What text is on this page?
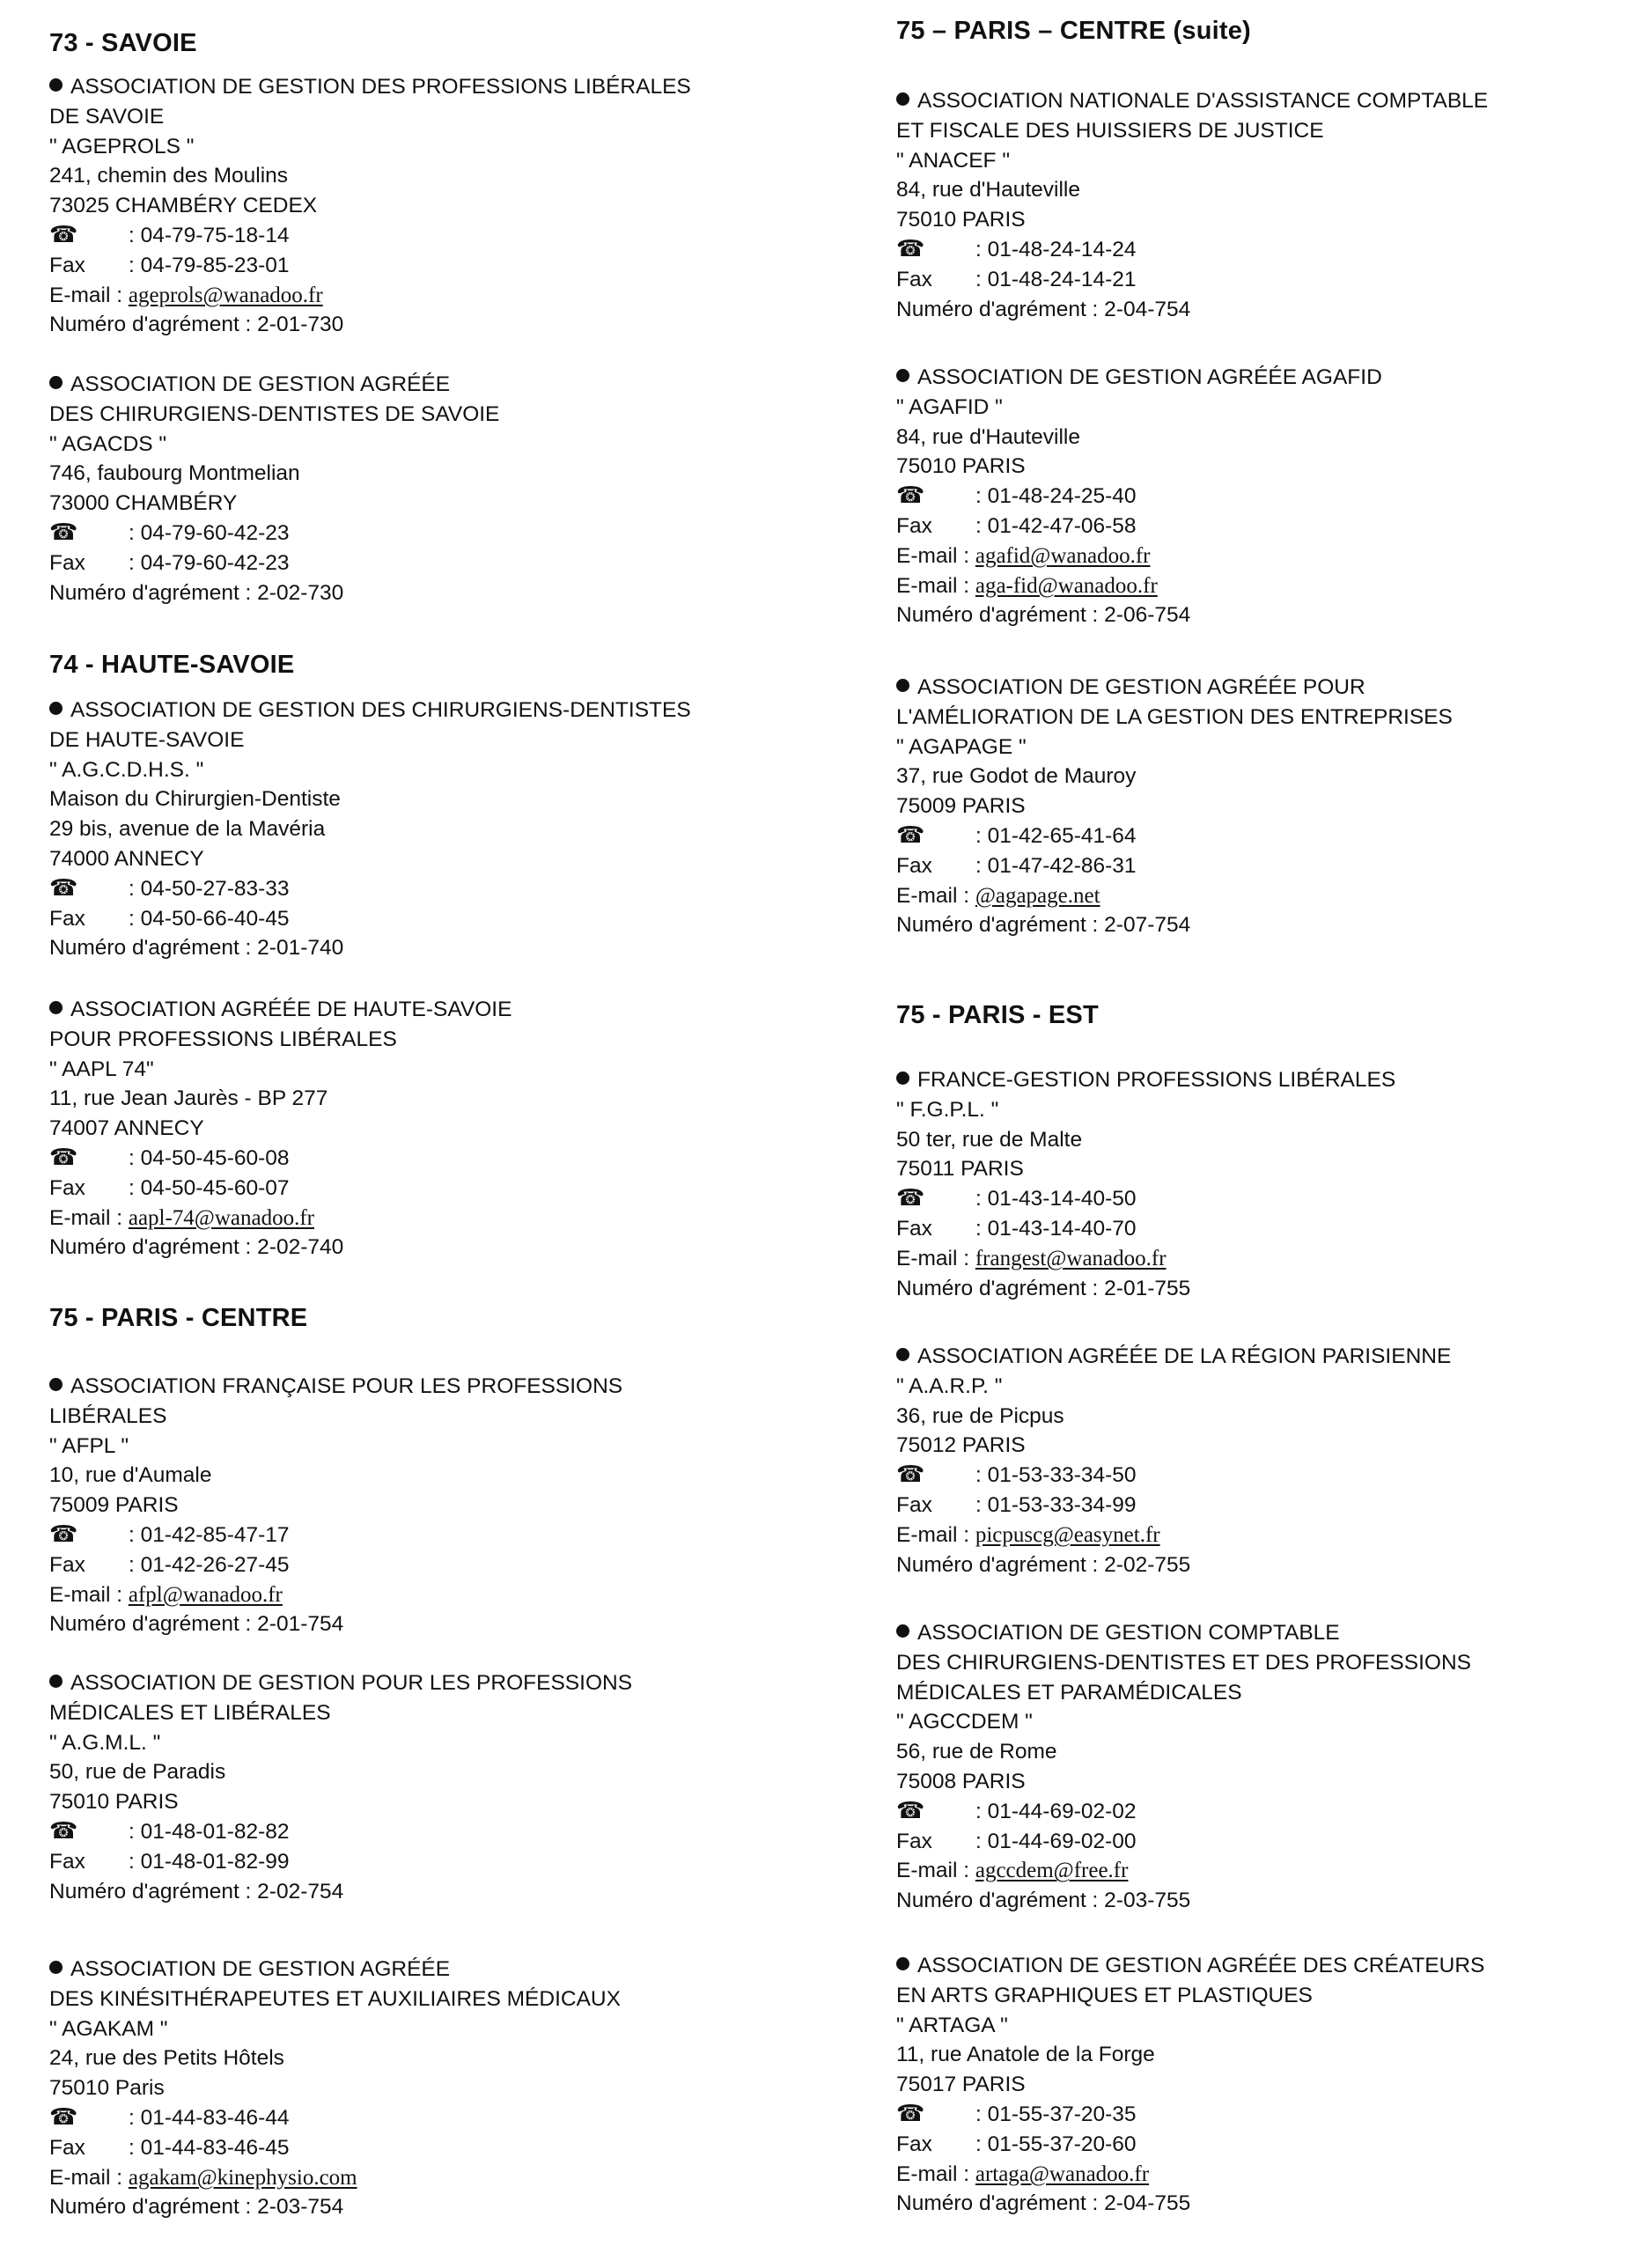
73 - SAVOIE
ASSOCIATION DE GESTION DES PROFESSIONS LIBÉRALES
DE SAVOIE
" AGEPROLS "
241, chemin des Moulins
73025 CHAMBÉRY CEDEX
☎ : 04-79-75-18-14
Fax : 04-79-85-23-01
E-mail : ageprols@wanadoo.fr
Numéro d'agrément : 2-01-730
ASSOCIATION DE GESTION AGRÉÉE
DES CHIRURGIENS-DENTISTES DE SAVOIE
" AGACDS "
746, faubourg Montmelian
73000 CHAMBÉRY
☎ : 04-79-60-42-23
Fax : 04-79-60-42-23
Numéro d'agrément : 2-02-730
74 - HAUTE-SAVOIE
ASSOCIATION DE GESTION DES CHIRURGIENS-DENTISTES
DE HAUTE-SAVOIE
" A.G.C.D.H.S. "
Maison du Chirurgien-Dentiste
29 bis, avenue de la Mavéria
74000 ANNECY
☎ : 04-50-27-83-33
Fax : 04-50-66-40-45
Numéro d'agrément : 2-01-740
ASSOCIATION AGRÉÉE DE HAUTE-SAVOIE
POUR PROFESSIONS LIBÉRALES
" AAPL 74"
11, rue Jean Jaurès - BP 277
74007 ANNECY
☎ : 04-50-45-60-08
Fax : 04-50-45-60-07
E-mail : aapl-74@wanadoo.fr
Numéro d'agrément : 2-02-740
75 - PARIS - CENTRE
ASSOCIATION FRANÇAISE POUR LES PROFESSIONS
LIBÉRALES
" AFPL "
10, rue d'Aumale
75009 PARIS
☎ : 01-42-85-47-17
Fax : 01-42-26-27-45
E-mail : afpl@wanadoo.fr
Numéro d'agrément : 2-01-754
ASSOCIATION DE GESTION POUR LES PROFESSIONS
MÉDICALES ET LIBÉRALES
" A.G.M.L. "
50, rue de Paradis
75010 PARIS
☎ : 01-48-01-82-82
Fax : 01-48-01-82-99
Numéro d'agrément : 2-02-754
ASSOCIATION DE GESTION AGRÉÉE
DES KINÉSITHÉRAPEUTES ET AUXILIAIRES MÉDICAUX
" AGAKAM "
24, rue des Petits Hôtels
75010 Paris
☎ : 01-44-83-46-44
Fax : 01-44-83-46-45
E-mail : agakam@kinephysio.com
Numéro d'agrément : 2-03-754
75 – PARIS – CENTRE (suite)
ASSOCIATION NATIONALE D'ASSISTANCE COMPTABLE
ET FISCALE DES HUISSIERS DE JUSTICE
" ANACEF "
84, rue d'Hauteville
75010 PARIS
☎ : 01-48-24-14-24
Fax : 01-48-24-14-21
Numéro d'agrément : 2-04-754
ASSOCIATION DE GESTION AGRÉÉE AGAFID
" AGAFID "
84, rue d'Hauteville
75010 PARIS
☎ : 01-48-24-25-40
Fax : 01-42-47-06-58
E-mail : agafid@wanadoo.fr
E-mail : aga-fid@wanadoo.fr
Numéro d'agrément : 2-06-754
ASSOCIATION DE GESTION AGRÉÉE POUR
L'AMÉLIORATION DE LA GESTION DES ENTREPRISES
" AGAPAGE "
37, rue Godot de Mauroy
75009 PARIS
☎ : 01-42-65-41-64
Fax : 01-47-42-86-31
E-mail : @agapage.net
Numéro d'agrément : 2-07-754
75 - PARIS - EST
FRANCE-GESTION PROFESSIONS LIBÉRALES
" F.G.P.L. "
50 ter, rue de Malte
75011 PARIS
☎ : 01-43-14-40-50
Fax : 01-43-14-40-70
E-mail : frangest@wanadoo.fr
Numéro d'agrément : 2-01-755
ASSOCIATION AGRÉÉE DE LA RÉGION PARISIENNE
" A.A.R.P. "
36, rue de Picpus
75012 PARIS
☎ : 01-53-33-34-50
Fax : 01-53-33-34-99
E-mail : picpuscg@easynet.fr
Numéro d'agrément : 2-02-755
ASSOCIATION DE GESTION COMPTABLE
DES CHIRURGIENS-DENTISTES ET DES PROFESSIONS
MÉDICALES ET PARAMÉDICALES
" AGCCDEM "
56, rue de Rome
75008 PARIS
☎ : 01-44-69-02-02
Fax : 01-44-69-02-00
E-mail : agccdem@free.fr
Numéro d'agrément : 2-03-755
ASSOCIATION DE GESTION AGRÉÉE DES CRÉATEURS
EN ARTS GRAPHIQUES ET PLASTIQUES
" ARTAGA "
11, rue Anatole de la Forge
75017 PARIS
☎ : 01-55-37-20-35
Fax : 01-55-37-20-60
E-mail : artaga@wanadoo.fr
Numéro d'agrément : 2-04-755
